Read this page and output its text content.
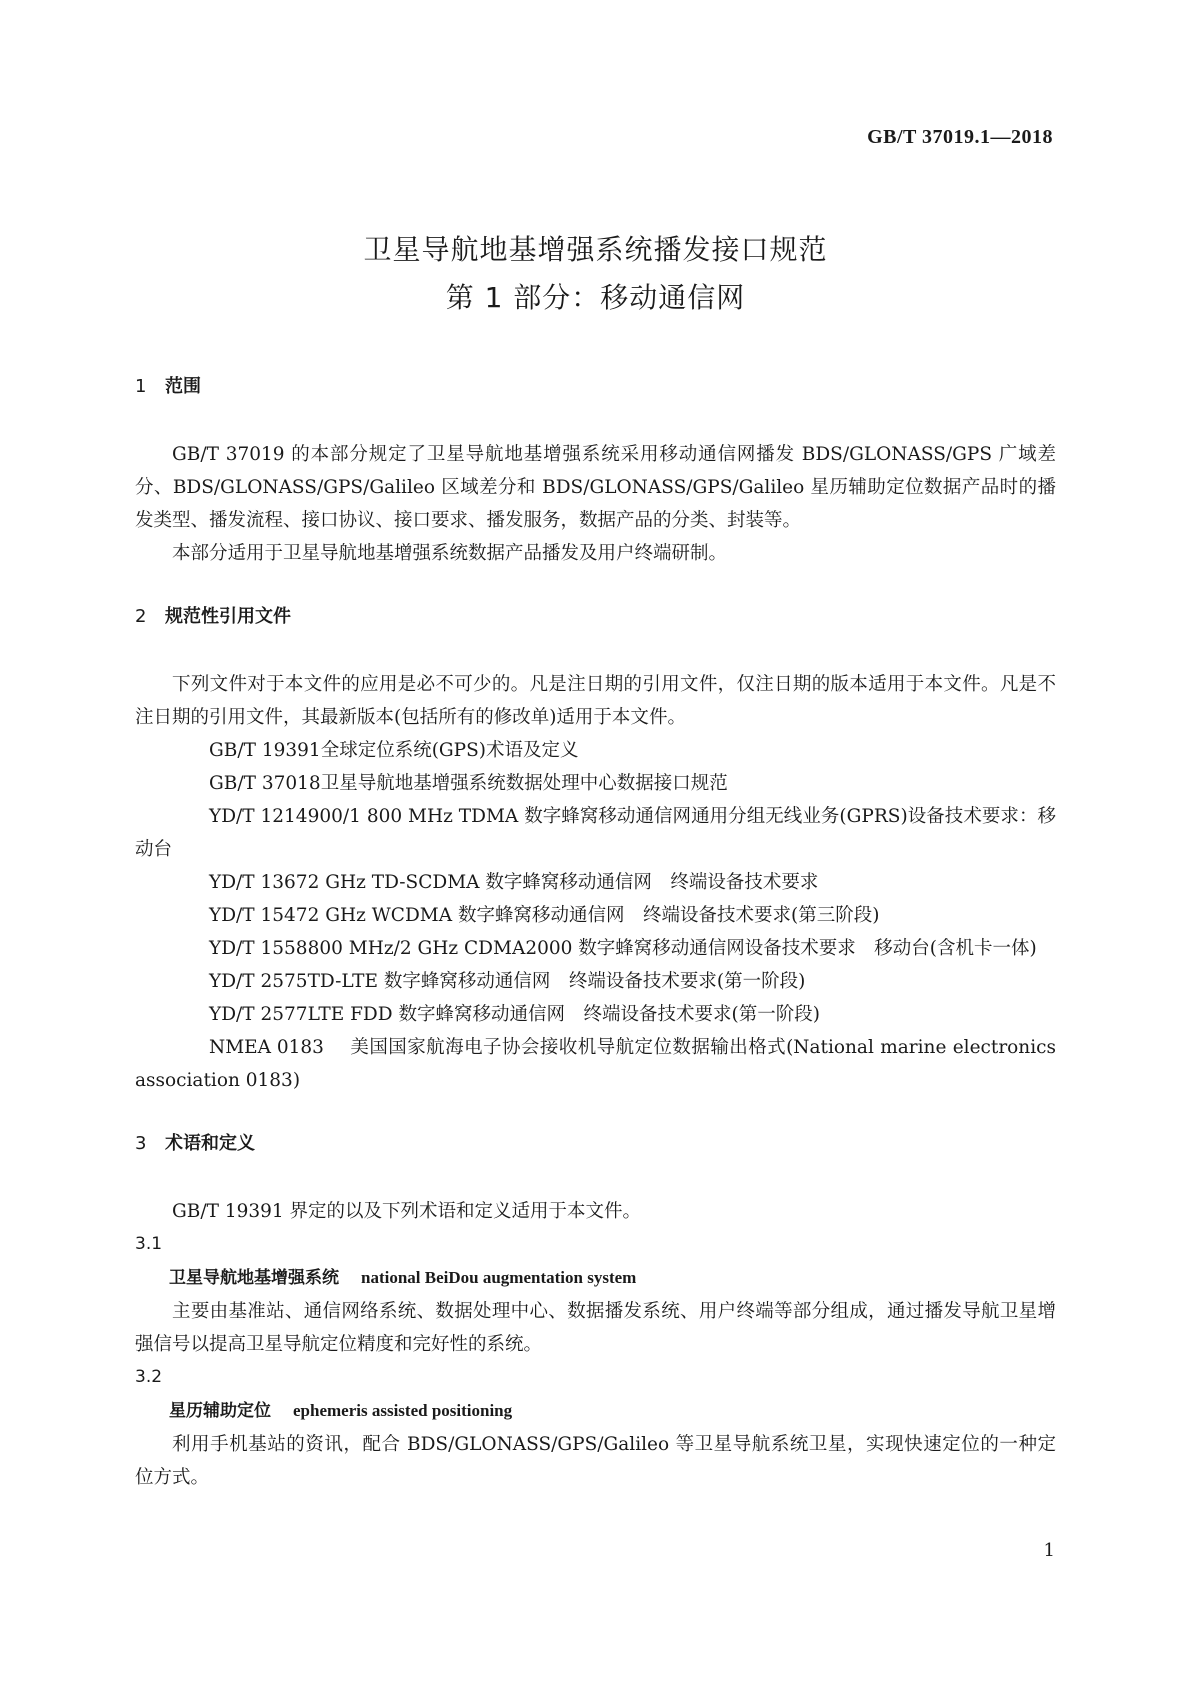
GB/T 37019.1—2018
卫星导航地基增强系统播发接口规范
第 1 部分：移动通信网
1 范围

GB/T 37019 的本部分规定了卫星导航地基增强系统采用移动通信网播发 BDS/GLONASS/GPS 广域差分、BDS/GLONASS/GPS/Galileo 区域差分和 BDS/GLONASS/GPS/Galileo 星历辅助定位数据产品时的播发类型、播发流程、接口协议、接口要求、播发服务，数据产品的分类、封装等。

本部分适用于卫星导航地基增强系统数据产品播发及用户终端研制。

2 规范性引用文件

下列文件对于本文件的应用是必不可少的。凡是注日期的引用文件，仅注日期的版本适用于本文件。凡是不注日期的引用文件，其最新版本(包括所有的修改单)适用于本文件。

GB/T 19391全球定位系统(GPS)术语及定义

GB/T 37018卫星导航地基增强系统数据处理中心数据接口规范

YD/T 1214900/1 800 MHz TDMA 数字蜂窝移动通信网通用分组无线业务(GPRS)设备技术要求：移动台

YD/T 13672 GHz TD-SCDMA 数字蜂窝移动通信网　终端设备技术要求

YD/T 15472 GHz WCDMA 数字蜂窝移动通信网　终端设备技术要求(第三阶段)

YD/T 1558800 MHz/2 GHz CDMA2000 数字蜂窝移动通信网设备技术要求　移动台(含机卡一体)

YD/T 2575TD-LTE 数字蜂窝移动通信网　终端设备技术要求(第一阶段)

YD/T 2577LTE FDD 数字蜂窝移动通信网　终端设备技术要求(第一阶段)

NMEA 0183 美国国家航海电子协会接收机导航定位数据输出格式(National marine electronics association 0183)

3 术语和定义

GB/T 19391 界定的以及下列术语和定义适用于本文件。

3.1
卫星导航地基增强系统 national BeiDou augmentation system

主要由基准站、通信网络系统、数据处理中心、数据播发系统、用户终端等部分组成，通过播发导航卫星增强信号以提高卫星导航定位精度和完好性的系统。

3.2
星历辅助定位 ephemeris assisted positioning

利用手机基站的资讯，配合 BDS/GLONASS/GPS/Galileo 等卫星导航系统卫星，实现快速定位的一种定位方式。

1
